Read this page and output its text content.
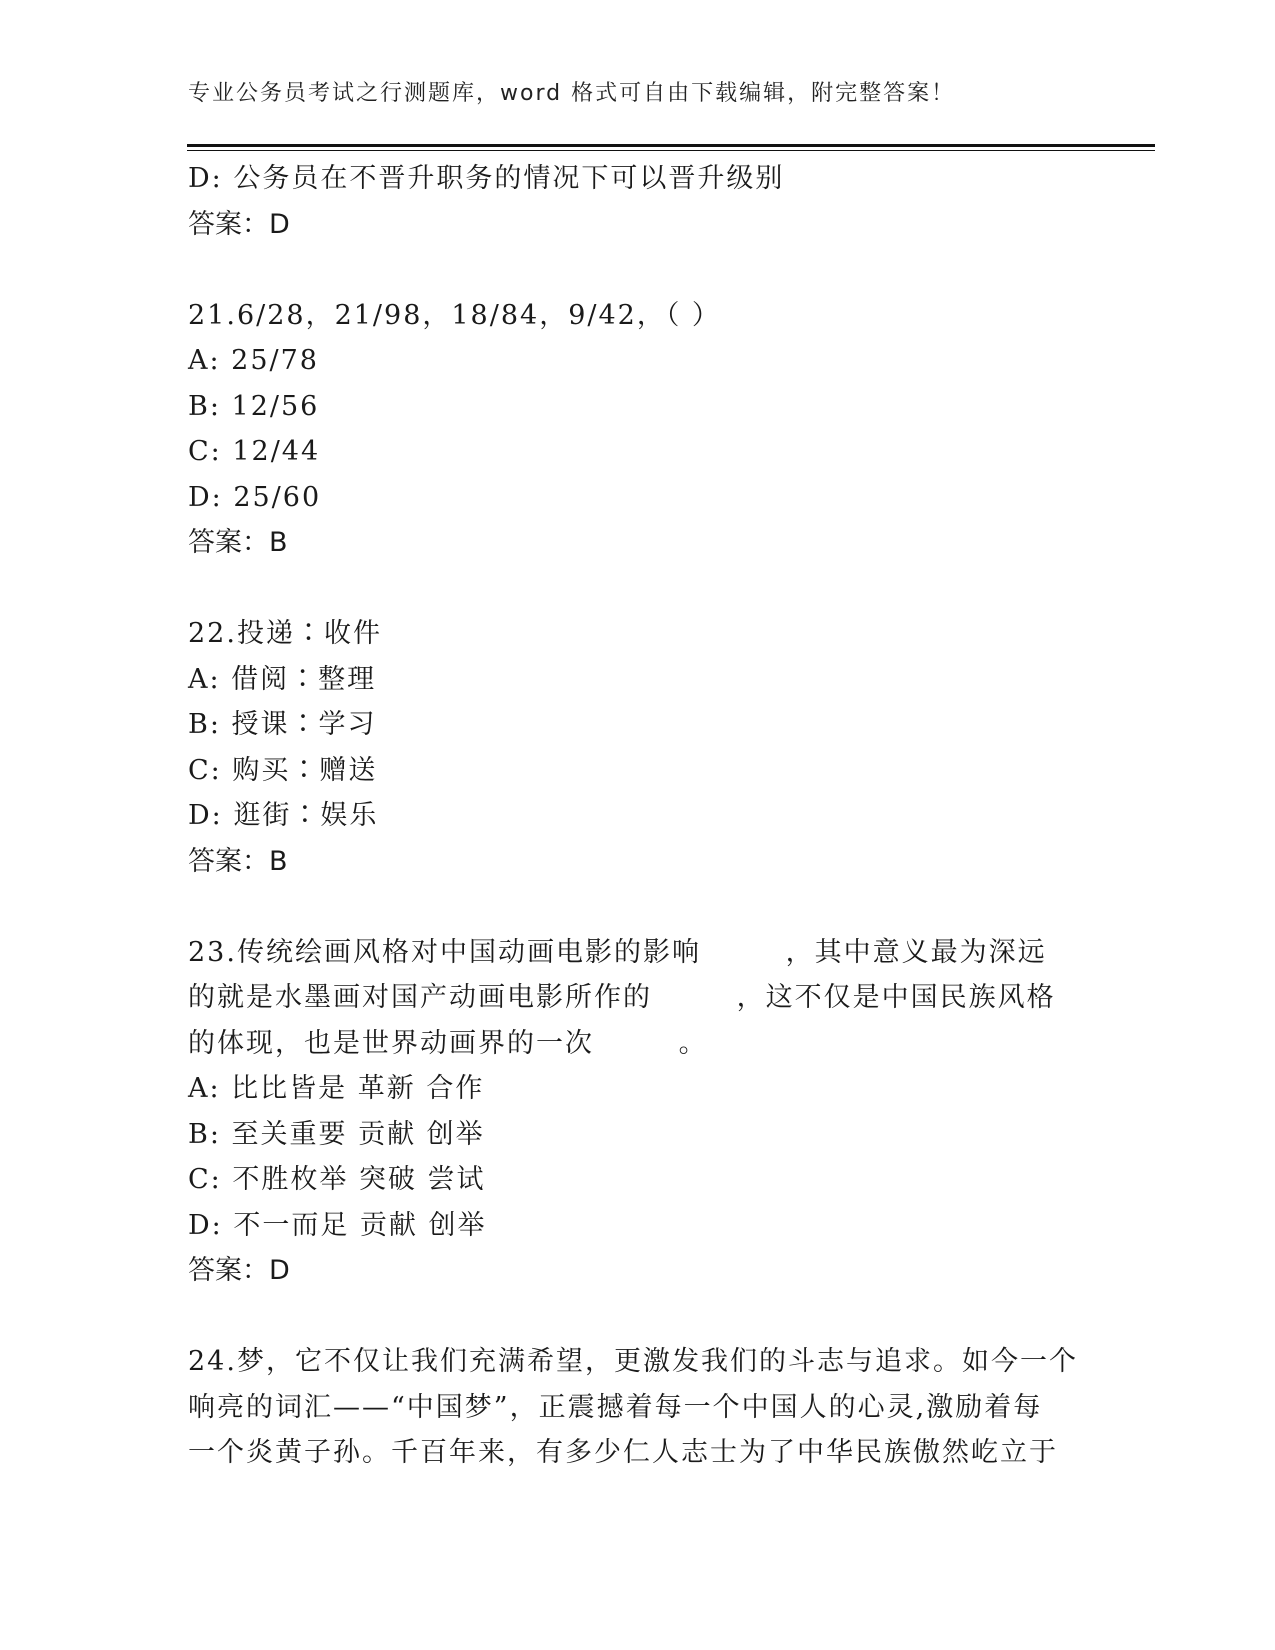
专业公务员考试之行测题库，word 格式可自由下载编辑，附完整答案！
D: 公务员在不晋升职务的情况下可以晋升级别
答案：D
21.6/28，21/98，18/84，9/42，（ ）
A: 25/78
B: 12/56
C: 12/44
D: 25/60
答案：B
22.投递∶收件
A: 借阅∶整理
B: 授课∶学习
C: 购买∶赠送
D: 逛街∶娱乐
答案：B
23.传统绘画风格对中国动画电影的影响        ，其中意义最为深远
的就是水墨画对国产动画电影所作的        ，这不仅是中国民族风格
的体现，也是世界动画界的一次        。
A: 比比皆是 革新 合作
B: 至关重要 贡献 创举
C: 不胜枚举 突破 尝试
D: 不一而足 贡献 创举
答案：D
24.梦，它不仅让我们充满希望，更激发我们的斗志与追求。如今一个
响亮的词汇——“中国梦”，正震撼着每一个中国人的心灵,激励着每
一个炎黄子孙。千百年来，有多少仁人志士为了中华民族傲然屹立于
